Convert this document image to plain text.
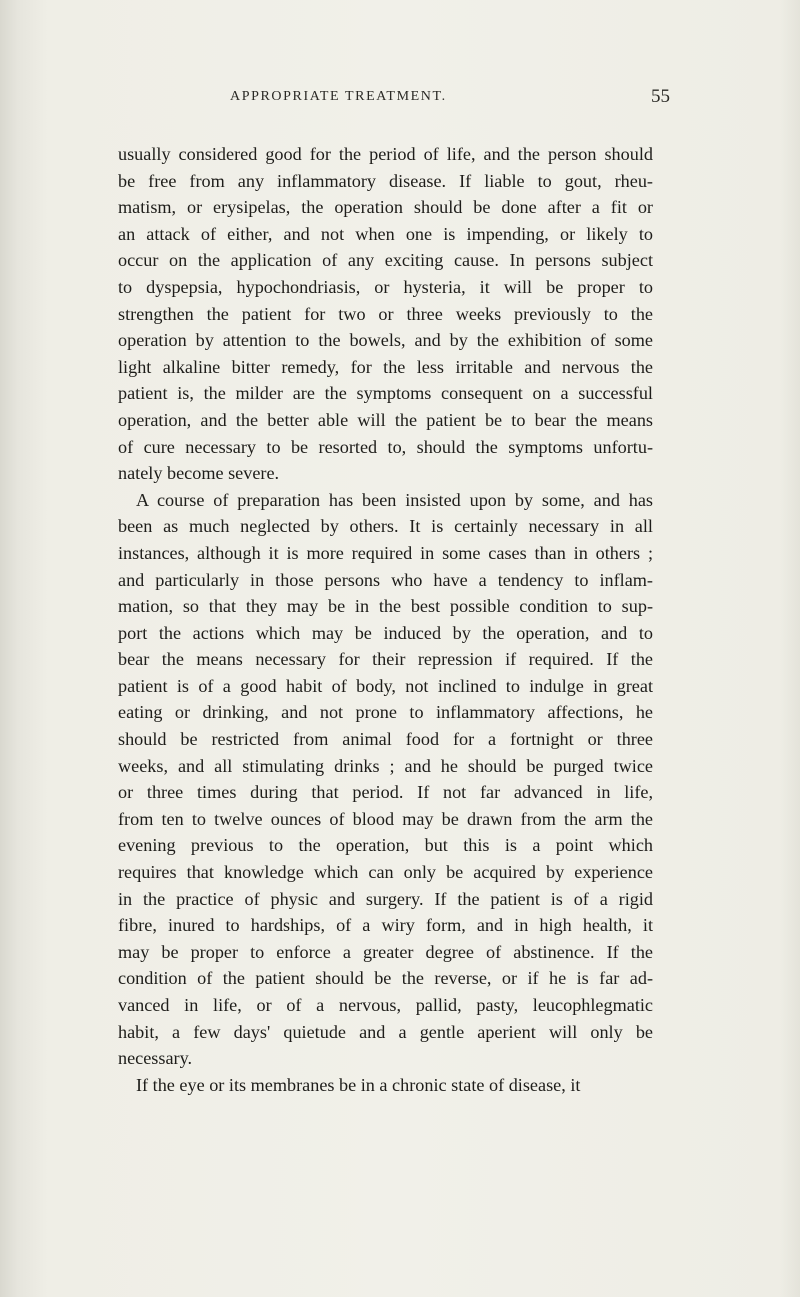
APPROPRIATE TREATMENT.	55

usually considered good for the period of life, and the person should

be free from any inflammatory disease. If liable to gout, rheu-

matism, or erysipelas, the operation should be done after a fit or

an attack of either, and not when one is impending, or likely to

occur on the application of any exciting cause. In persons subject

to dyspepsia, hypochondriasis, or hysteria, it will be proper to

strengthen the patient for two or three weeks previously to the

operation by attention to the bowels, and by the exhibition of some

light alkaline bitter remedy, for the less irritable and nervous the

patient is, the milder are the symptoms consequent on a successful

operation, and the better able will the patient be to bear the means

of cure necessary to be resorted to, should the symptoms unfortu-

nately become severe.

A course of preparation has been insisted upon by some, and has

been as much neglected by others. It is certainly necessary in all

instances, although it is more required in some cases than in others ;

and particularly in those persons who have a tendency to inflam-

mation, so that they may be in the best possible condition to sup-

port the actions which may be induced by the operation, and to

bear the means necessary for their repression if required. If the

patient is of a good habit of body, not inclined to indulge in great

eating or drinking, and not prone to inflammatory affections, he

should be restricted from animal food for a fortnight or three

weeks, and all stimulating drinks ; and he should be purged twice

or three times during that period. If not far advanced in life,

from ten to twelve ounces of blood may be drawn from the arm the

evening previous to the operation, but this is a point which

requires that knowledge which can only be acquired by experience

in the practice of physic and surgery. If the patient is of a rigid

fibre, inured to hardships, of a wiry form, and in high health, it

may be proper to enforce a greater degree of abstinence. If the

condition of the patient should be the reverse, or if he is far ad-

vanced in life, or of a nervous, pallid, pasty, leucophlegmatic

habit, a few days' quietude and a gentle aperient will only be

necessary.

If the eye or its membranes be in a chronic state of disease, it
